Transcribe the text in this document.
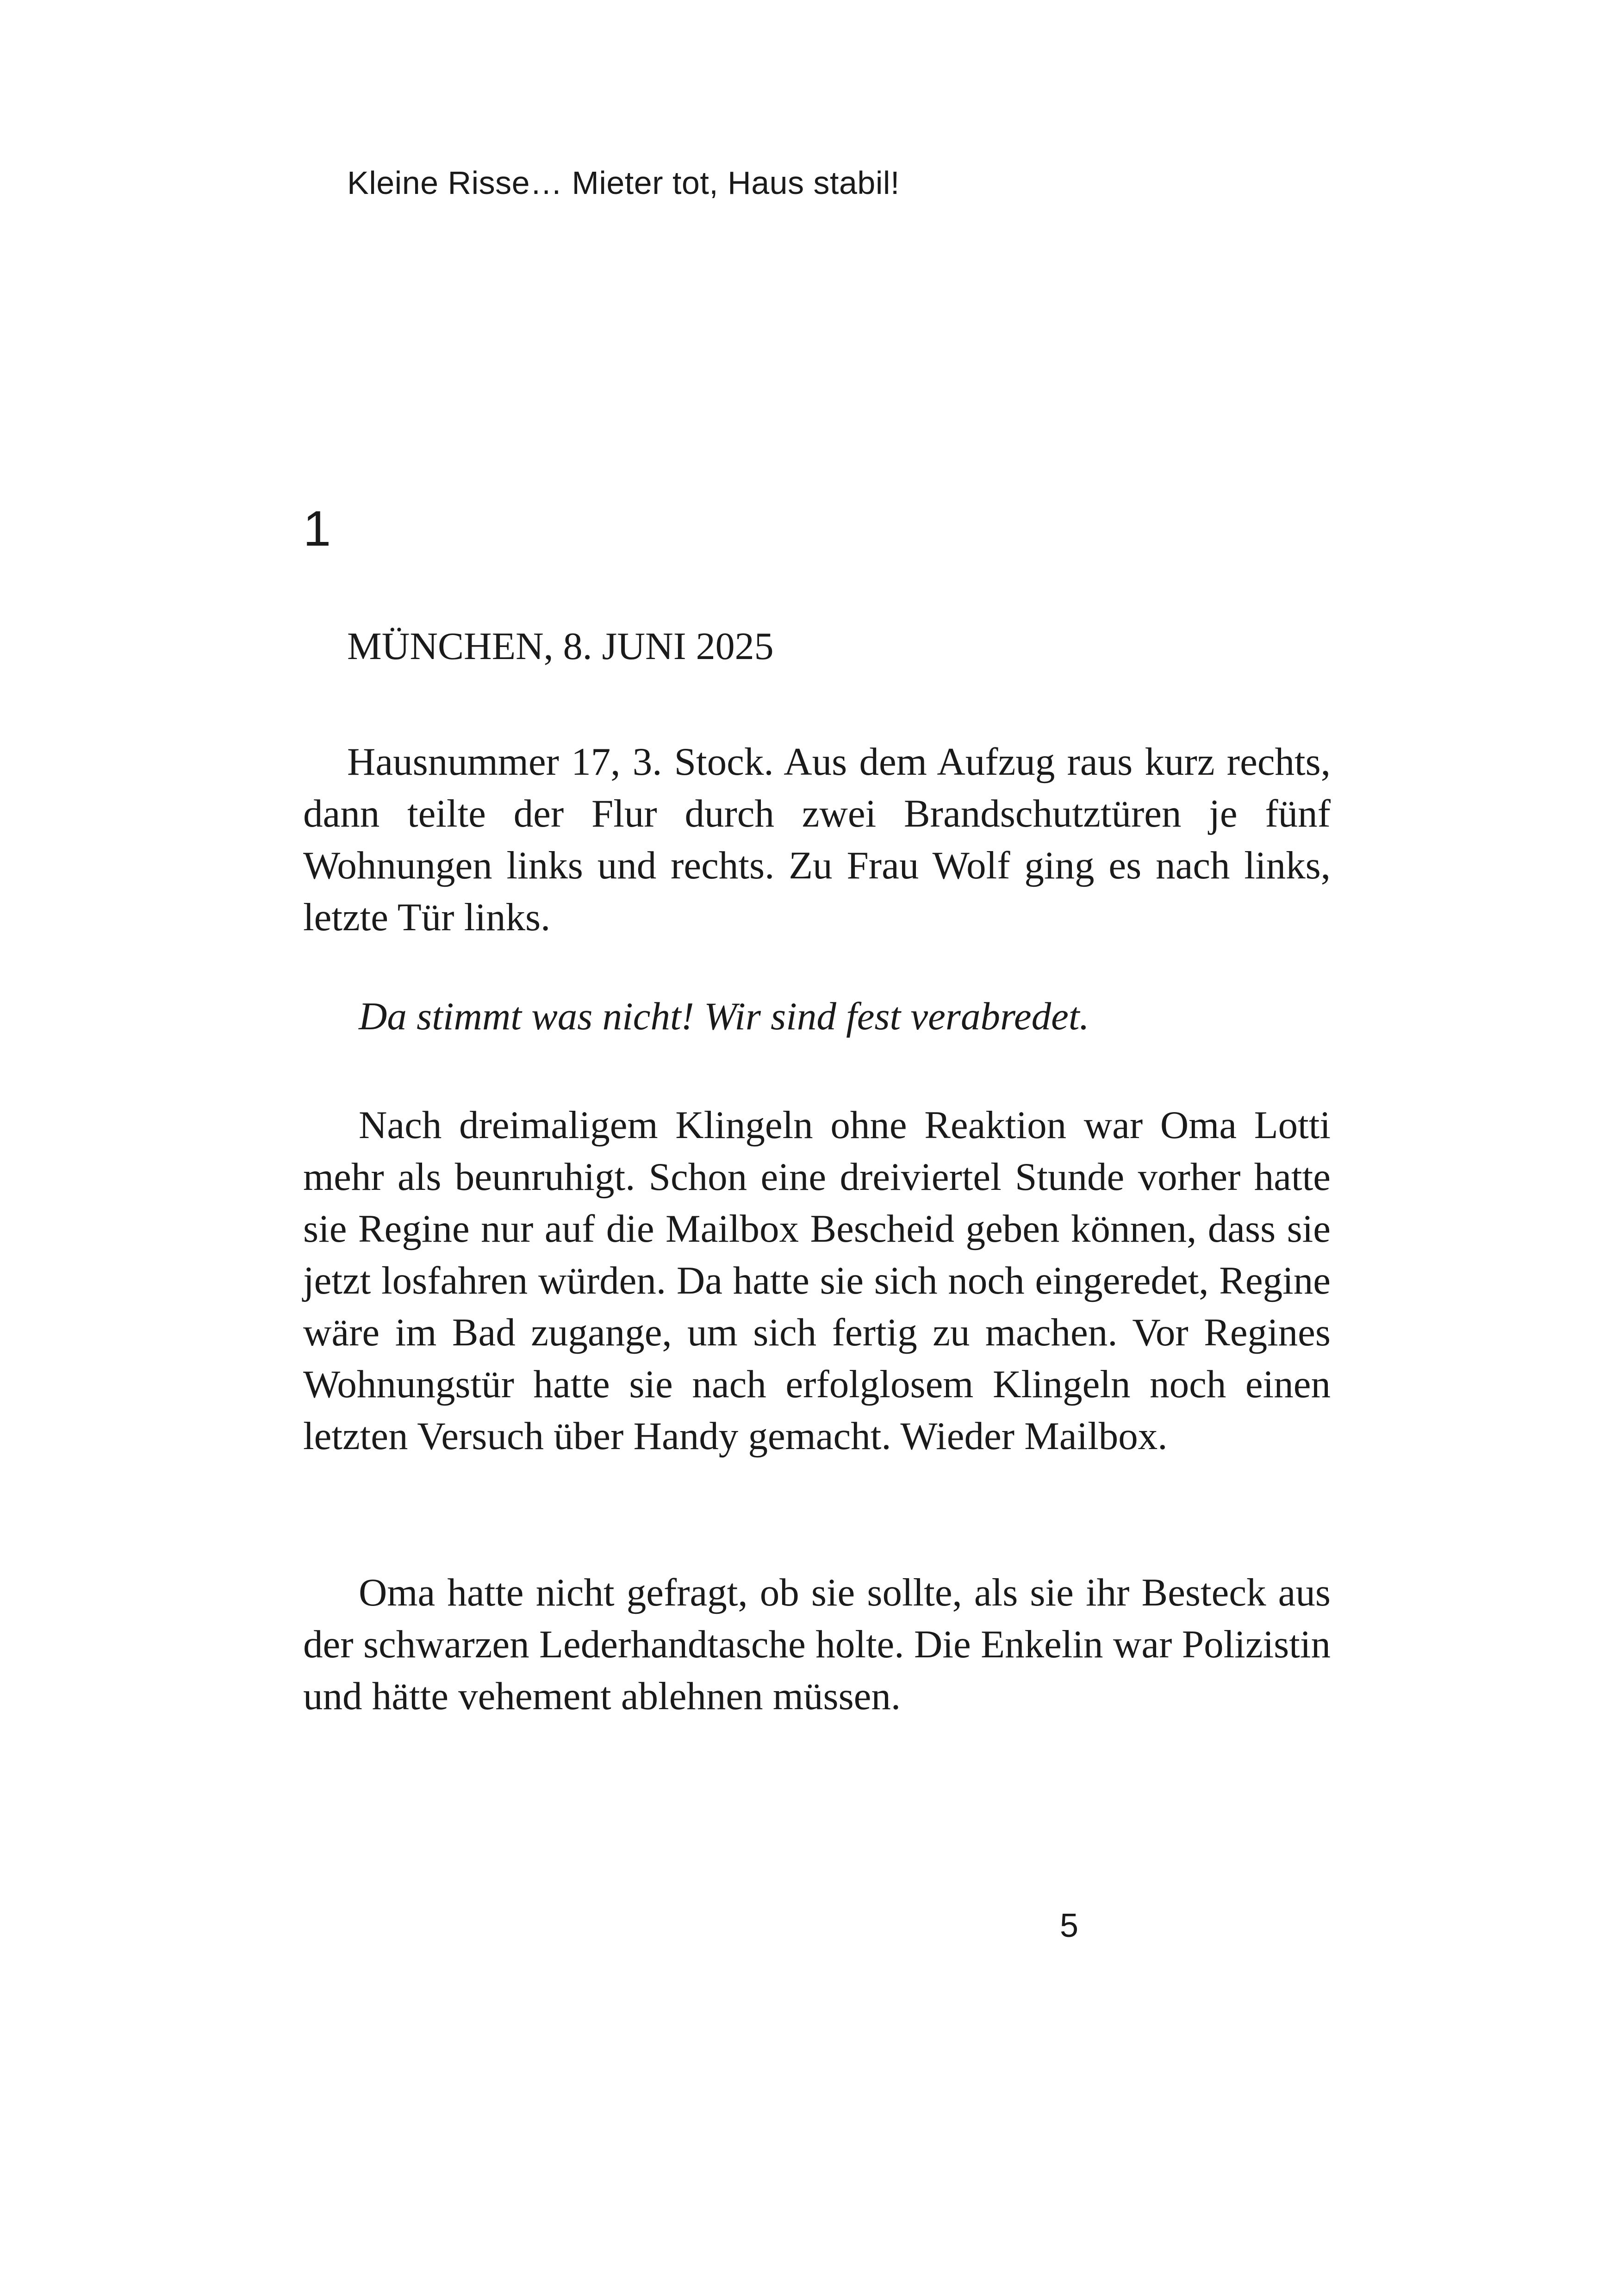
Kleine Risse… Mieter tot, Haus stabil!
1
MÜNCHEN, 8. JUNI 2025

Hausnummer 17, 3. Stock. Aus dem Aufzug raus kurz rechts, dann teilte der Flur durch zwei Brandschutztüren je fünf Wohnungen links und rechts. Zu Frau Wolf ging es nach links, letzte Tür links.

Da stimmt was nicht! Wir sind fest verabredet.

Nach dreimaligem Klingeln ohne Reaktion war Oma Lotti mehr als beunruhigt. Schon eine dreiviertel Stunde vorher hatte sie Regine nur auf die Mailbox Bescheid geben können, dass sie jetzt losfahren würden. Da hatte sie sich noch eingeredet, Regine wäre im Bad zugange, um sich fertig zu machen. Vor Regines Wohnungstür hatte sie nach erfolglosem Klingeln noch einen letzten Versuch über Handy gemacht. Wieder Mailbox.

Oma hatte nicht gefragt, ob sie sollte, als sie ihr Besteck aus der schwarzen Lederhandtasche holte. Die Enkelin war Polizistin und hätte vehement ablehnen müssen.

5
